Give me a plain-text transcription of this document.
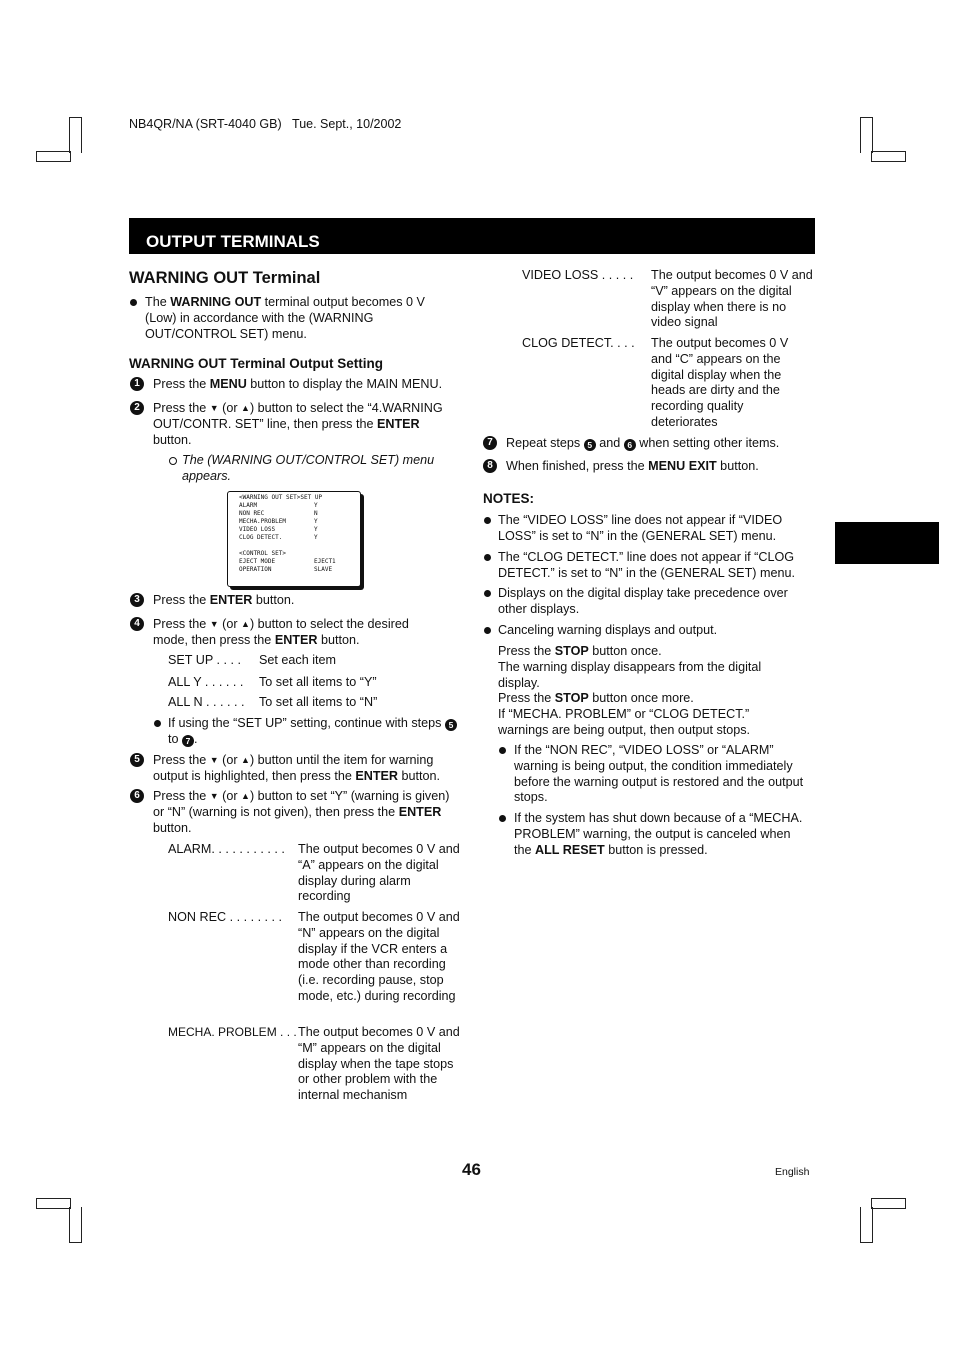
NB4QR/NA (SRT-4040 GB) Tue. Sept., 10/2002
OUTPUT TERMINALS
WARNING OUT Terminal
The WARNING OUT terminal output becomes 0 V (Low) in accordance with the (WARNING OUT/CONTROL SET) menu.
WARNING OUT Terminal Output Setting
1	Press the MENU button to display the MAIN MENU.
2	Press the ▼ (or ▲) button to select the “4.WARNING OUT/CONTR. SET” line, then press the ENTER button.
The (WARNING OUT/CONTROL SET) menu appears.
<WARNING OUT SET>SET UP
ALARM	Y
NON REC	N
MECHA.PROBLEM	Y
VIDEO LOSS	Y
CLOG DETECT.	Y
<CONTROL SET>
EJECT MODE	EJECT1
OPERATION	SLAVE
3	Press the ENTER button.
4	Press the ▼ (or ▲) button to select the desired mode, then press the ENTER button.
SET UP . . . . Set each item
ALL Y . . . . . . To set all items to “Y”
ALL N . . . . . . To set all items to “N”
If using the “SET UP” setting, continue with steps 5 to 7 .
5	Press the ▼ (or ▲) button until the item for warning output is highlighted, then press the ENTER button.
6	Press the ▼ (or ▲) button to set “Y” (warning is given) or “N” (warning is not given), then press the ENTER button.
ALARM. . . . . . . . . . . The output becomes 0 V and “A” appears on the digital display during alarm recording
NON REC . . . . . . . . The output becomes 0 V and “N” appears on the digital display if the VCR enters a mode other than recording (i.e. recording pause, stop mode, etc.) during recording
MECHA. PROBLEM . . . The output becomes 0 V and “M” appears on the digital display when the tape stops or other problem with the internal mechanism
VIDEO LOSS . . . . . The output becomes 0 V and “V” appears on the digital display when there is no video signal
CLOG DETECT. . . . The output becomes 0 V and “C” appears on the digital display when the heads are dirty and the recording quality deteriorates
7	Repeat steps 5 and 6 when setting other items.
8	When finished, press the MENU EXIT button.
NOTES:
The “VIDEO LOSS” line does not appear if “VIDEO LOSS” is set to “N” in the (GENERAL SET) menu.
The “CLOG DETECT.” line does not appear if “CLOG DETECT.” is set to “N” in the (GENERAL SET) menu.
Displays on the digital display take precedence over other displays.
Canceling warning displays and output.
Press the STOP button once.
The warning display disappears from the digital display.
Press the STOP button once more.
If “MECHA. PROBLEM” or “CLOG DETECT.” warnings are being output, then output stops.
If the “NON REC”, “VIDEO LOSS” or “ALARM” warning is being output, the condition immediately before the warning output is restored and the output stops.
If the system has shut down because of a “MECHA. PROBLEM” warning, the output is canceled when the ALL RESET button is pressed.
46	English
